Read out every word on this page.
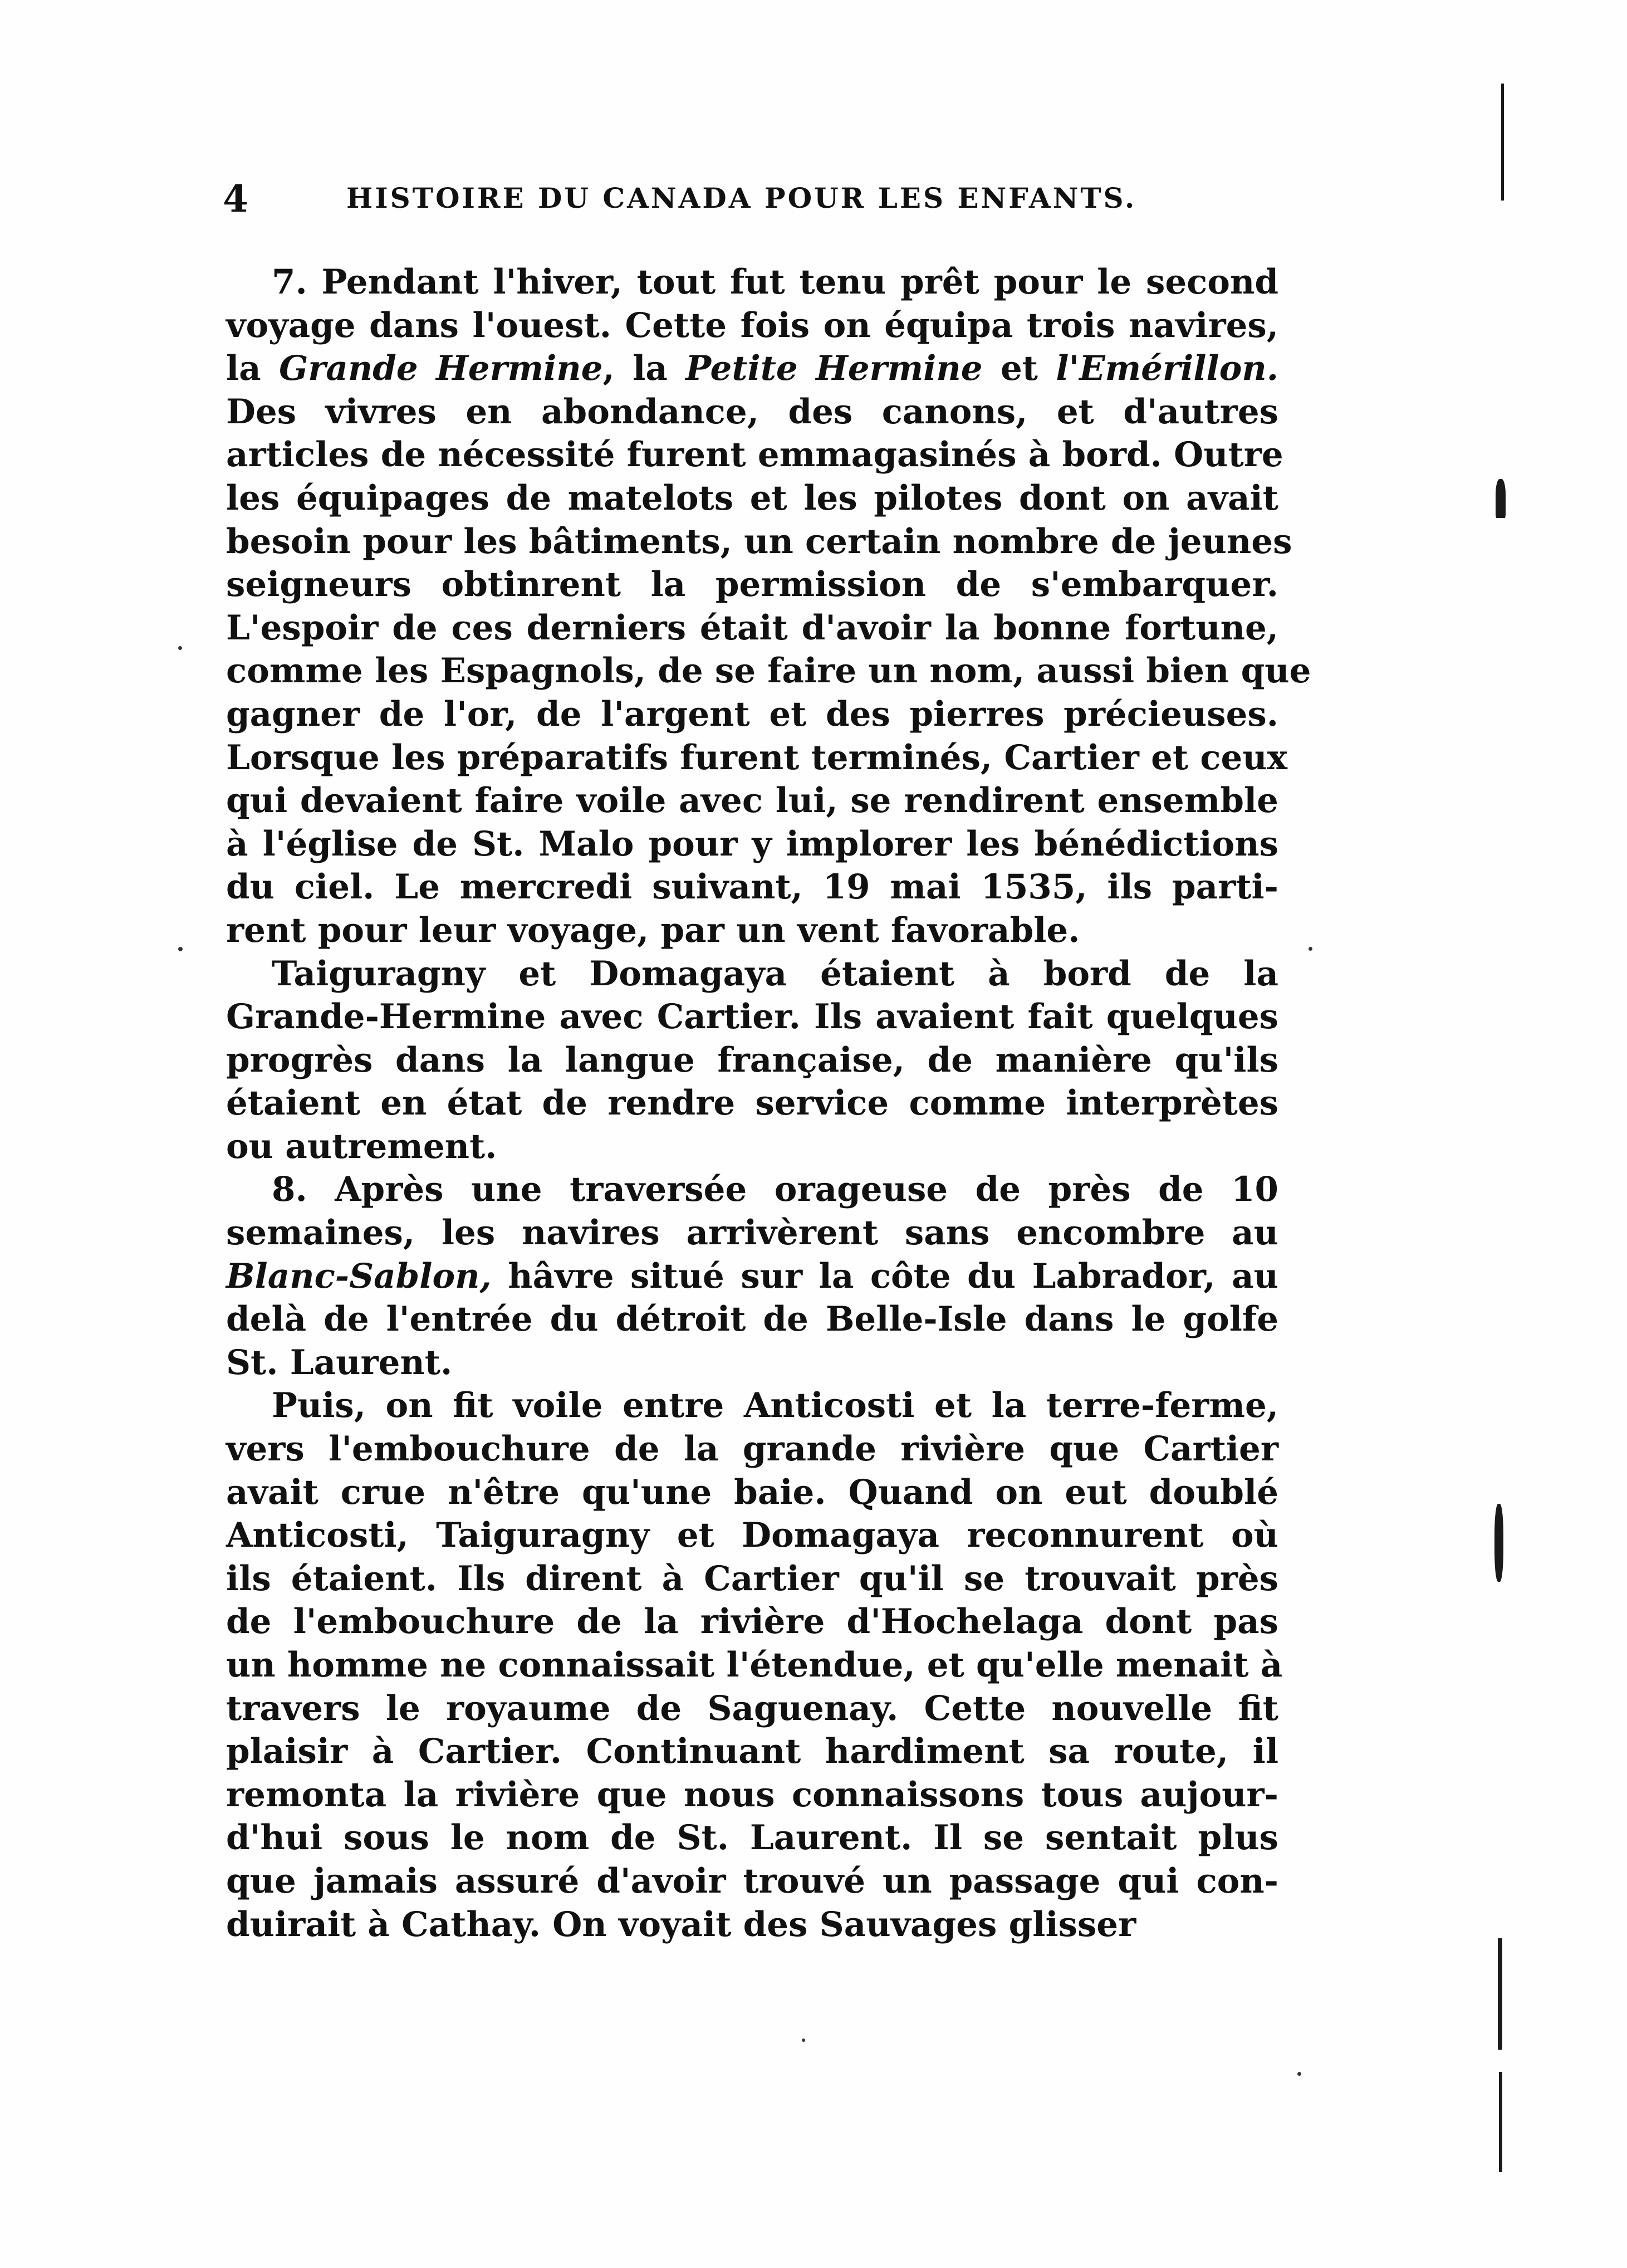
4	HISTOIRE DU CANADA POUR LES ENFANTS.
7. Pendant l'hiver, tout fut tenu prêt pour le second
voyage dans l'ouest. Cette fois on équipa trois navires,
la Grande Hermine, la Petite Hermine et l'Emérillon.
Des vivres en abondance, des canons, et d'autres
articles de nécessité furent emmagasinés à bord. Outre
les équipages de matelots et les pilotes dont on avait
besoin pour les bâtiments, un certain nombre de jeunes
seigneurs obtinrent la permission de s'embarquer.
L'espoir de ces derniers était d'avoir la bonne fortune,
comme les Espagnols, de se faire un nom, aussi bien que
gagner de l'or, de l'argent et des pierres précieuses.
Lorsque les préparatifs furent terminés, Cartier et ceux
qui devaient faire voile avec lui, se rendirent ensemble
à l'église de St. Malo pour y implorer les bénédictions
du ciel. Le mercredi suivant, 19 mai 1535, ils parti-
rent pour leur voyage, par un vent favorable.
Taiguragny et Domagaya étaient à bord de la
Grande-Hermine avec Cartier. Ils avaient fait quelques
progrès dans la langue française, de manière qu'ils
étaient en état de rendre service comme interprètes
ou autrement.
8. Après une traversée orageuse de près de 10
semaines, les navires arrivèrent sans encombre au
Blanc-Sablon, hâvre situé sur la côte du Labrador, au
delà de l'entrée du détroit de Belle-Isle dans le golfe
St. Laurent.
Puis, on fit voile entre Anticosti et la terre-ferme,
vers l'embouchure de la grande rivière que Cartier
avait crue n'être qu'une baie. Quand on eut doublé
Anticosti, Taiguragny et Domagaya reconnurent où
ils étaient. Ils dirent à Cartier qu'il se trouvait près
de l'embouchure de la rivière d'Hochelaga dont pas
un homme ne connaissait l'étendue, et qu'elle menait à
travers le royaume de Saguenay. Cette nouvelle fit
plaisir à Cartier. Continuant hardiment sa route, il
remonta la rivière que nous connaissons tous aujour-
d'hui sous le nom de St. Laurent. Il se sentait plus
que jamais assuré d'avoir trouvé un passage qui con-
duirait à Cathay. On voyait des Sauvages glisser
